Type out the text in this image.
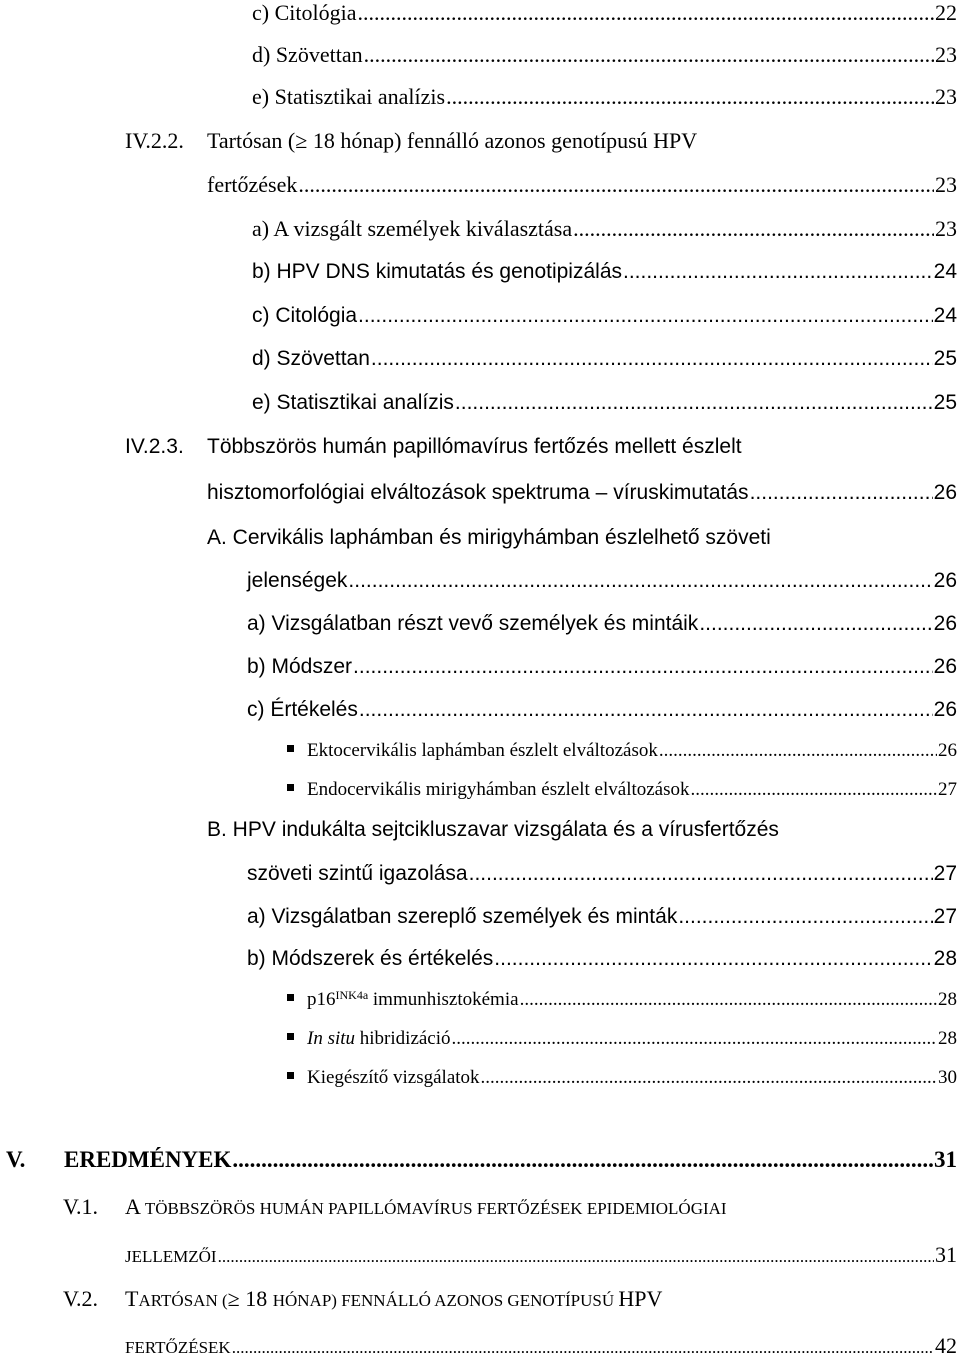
c) Citológia .....	22
d) Szövettan .....	23
e) Statisztikai analízis .....	23
IV.2.2. Tartósan (≥ 18 hónap) fennálló azonos genotípusú HPV
fertőzések .....	23
a) A vizsgált személyek kiválasztása .....	23
b) HPV DNS kimutatás és genotipizálás .....	24
c) Citológia .....	24
d) Szövettan .....	25
e) Statisztikai analízis .....	25
IV.2.3. Többszörös humán papillómavírus fertőzés mellett észlelt
hisztomorfológiai elváltozások spektruma – víruskimutatás .....	26
A. Cervikális laphámban és mirigyhámban észlelhető szöveti
jelenségek .....	26
a) Vizsgálatban részt vevő személyek és mintáik .....	26
b) Módszer .....	26
c) Értékelés .....	26
Ektocervikális laphámban észlelt elváltozások .....	26
Endocervikális mirigyhámban észlelt elváltozások .....	27
B. HPV indukálta sejtcikluszavar vizsgálata és a vírusfertőzés
szöveti szintű igazolása .....	27
a) Vizsgálatban szereplő személyek és minták .....	27
b) Módszerek és értékelés .....	28
$p16^{INK4a}$ immunhisztokémia .....	28
In situ hibridizáció .....	28
Kiegészítő vizsgálatok .....	30
V. EREDMÉNYEK .....	31
V.1. A TÖBBSZÖRÖS HUMÁN PAPILLÓMAVÍRUS FERTŐZÉSEK EPIDEMIOLÓGIAI
JELLEMZŐI .....	31
V.2. TARTÓSAN (≥ 18 HÓNAP) FENNÁLLÓ AZONOS GENOTÍPUSÚ HPV
FERTŐZÉSEK .....	42
